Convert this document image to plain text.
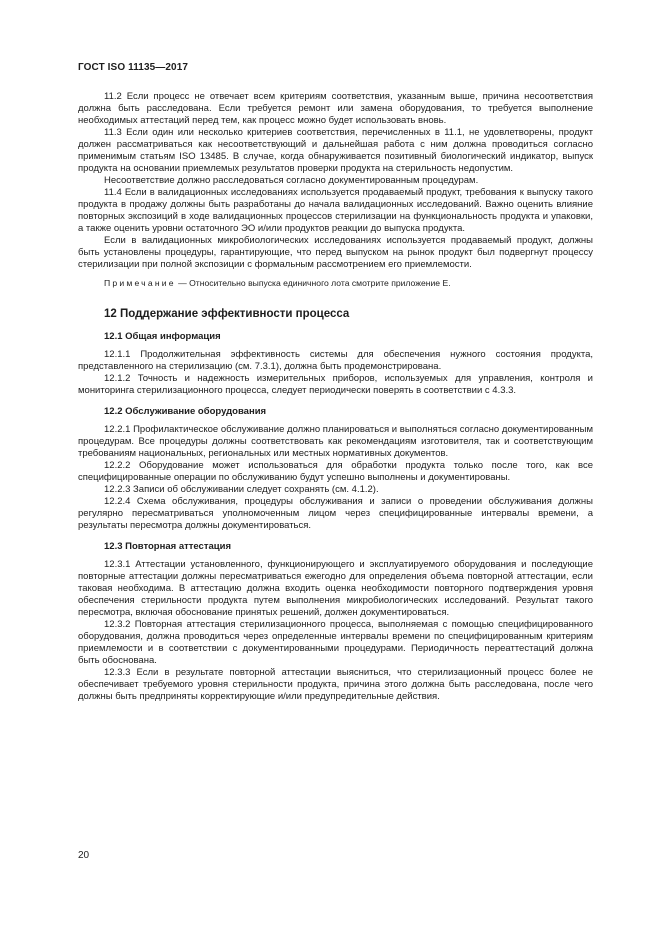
ГОСТ ISO 11135—2017

11.2 Если процесс не отвечает всем критериям соответствия, указанным выше, причина несоответствия должна быть расследована. Если требуется ремонт или замена оборудования, то требуется выполнение необходимых аттестаций перед тем, как процесс можно будет использовать вновь.

11.3 Если один или несколько критериев соответствия, перечисленных в 11.1, не удовлетворены, продукт должен рассматриваться как несоответствующий и дальнейшая работа с ним должна проводиться согласно применимым статьям ISO 13485. В случае, когда обнаруживается позитивный биологический индикатор, выпуск продукта на основании приемлемых результатов проверки продукта на стерильность недопустим.

Несоответствие должно расследоваться согласно документированным процедурам.

11.4 Если в валидационных исследованиях используется продаваемый продукт, требования к выпуску такого продукта в продажу должны быть разработаны до начала валидационных исследований. Важно оценить влияние повторных экспозиций в ходе валидационных процессов стерилизации на функциональность продукта и упаковки, а также оценить уровни остаточного ЭО и/или продуктов реакции до выпуска продукта.

Если в валидационных микробиологических исследованиях используется продаваемый продукт, должны быть установлены процедуры, гарантирующие, что перед выпуском на рынок продукт был подвергнут процессу стерилизации при полной экспозиции с формальным рассмотрением его приемлемости.

Примечание — Относительно выпуска единичного лота смотрите приложение Е.

12 Поддержание эффективности процесса
12.1 Общая информация

12.1.1 Продолжительная эффективность системы для обеспечения нужного состояния продукта, представленного на стерилизацию (см. 7.3.1), должна быть продемонстрирована.

12.1.2 Точность и надежность измерительных приборов, используемых для управления, контроля и мониторинга стерилизационного процесса, следует периодически поверять в соответствии с 4.3.3.

12.2 Обслуживание оборудования

12.2.1 Профилактическое обслуживание должно планироваться и выполняться согласно документированным процедурам. Все процедуры должны соответствовать как рекомендациям изготовителя, так и соответствующим требованиям национальных, региональных или местных нормативных документов.

12.2.2 Оборудование может использоваться для обработки продукта только после того, как все специфицированные операции по обслуживанию будут успешно выполнены и документированы.

12.2.3 Записи об обслуживании следует сохранять (см. 4.1.2).

12.2.4 Схема обслуживания, процедуры обслуживания и записи о проведении обслуживания должны регулярно пересматриваться уполномоченным лицом через специфицированные интервалы времени, а результаты пересмотра должны документироваться.

12.3 Повторная аттестация

12.3.1 Аттестации установленного, функционирующего и эксплуатируемого оборудования и последующие повторные аттестации должны пересматриваться ежегодно для определения объема повторной аттестации, если таковая необходима. В аттестацию должна входить оценка необходимости повторного подтверждения уровня обеспечения стерильности продукта путем выполнения микробиологических исследований. Результат такого пересмотра, включая обоснование принятых решений, должен документироваться.

12.3.2 Повторная аттестация стерилизационного процесса, выполняемая с помощью специфицированного оборудования, должна проводиться через определенные интервалы времени по специфицированным критериям приемлемости и в соответствии с документированными процедурами. Периодичность переаттестаций должна быть обоснована.

12.3.3 Если в результате повторной аттестации выясниться, что стерилизационный процесс более не обеспечивает требуемого уровня стерильности продукта, причина этого должна быть расследована, после чего должны быть предприняты корректирующие и/или предупредительные действия.

20
